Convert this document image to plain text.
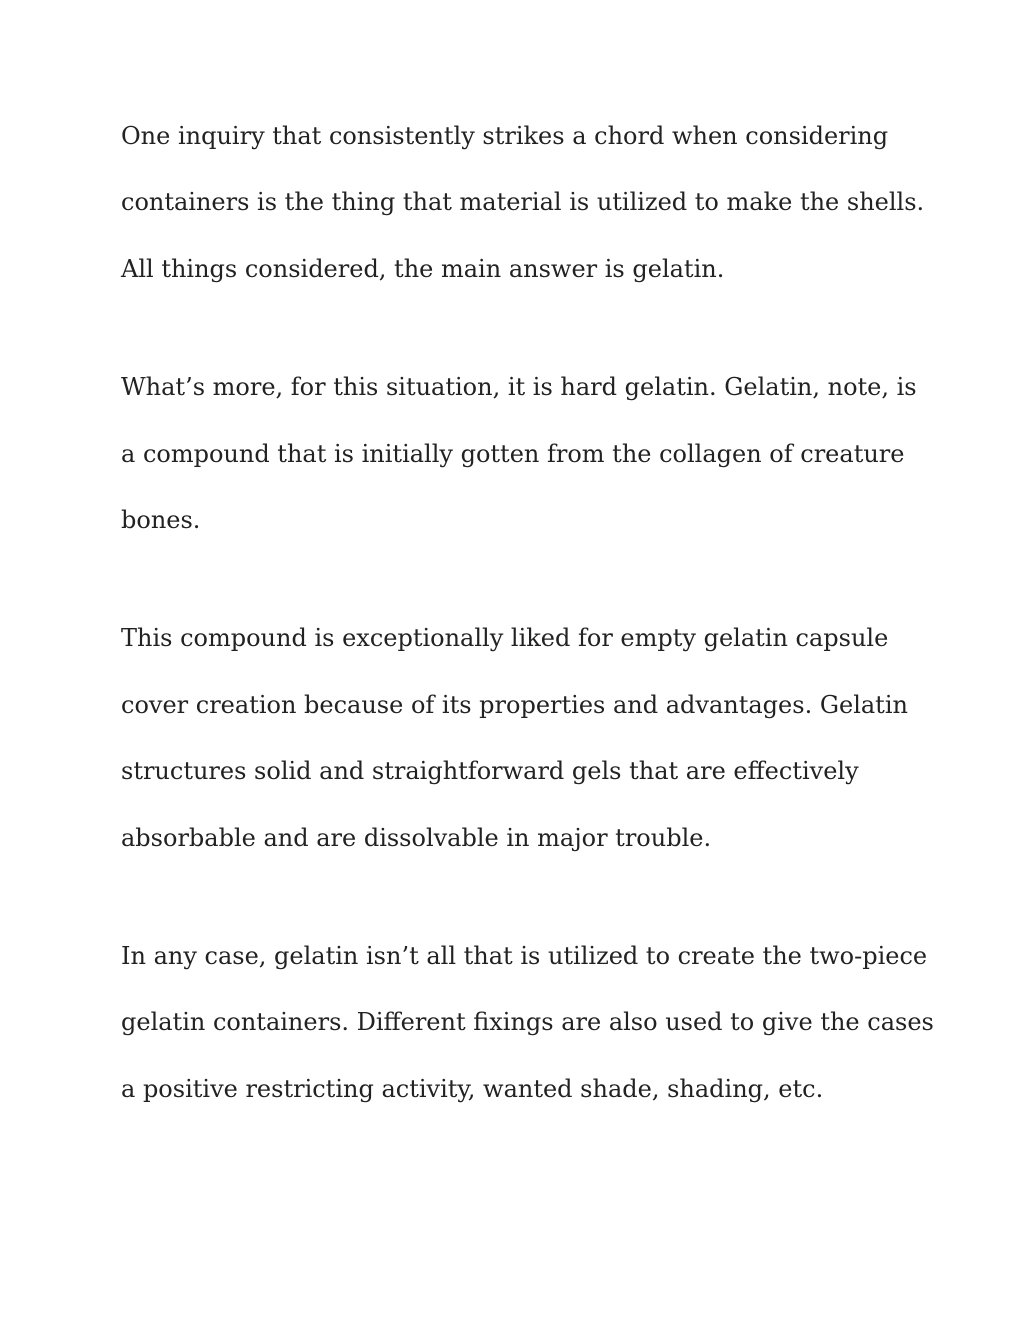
One inquiry that consistently strikes a chord when considering
containers is the thing that material is utilized to make the shells.
All things considered, the main answer is gelatin.

What’s more, for this situation, it is hard gelatin. Gelatin, note, is
a compound that is initially gotten from the collagen of creature
bones.

This compound is exceptionally liked for empty gelatin capsule
cover creation because of its properties and advantages. Gelatin
structures solid and straightforward gels that are effectively
absorbable and are dissolvable in major trouble.

In any case, gelatin isn’t all that is utilized to create the two-piece
gelatin containers. Different fixings are also used to give the cases
a positive restricting activity, wanted shade, shading, etc.
